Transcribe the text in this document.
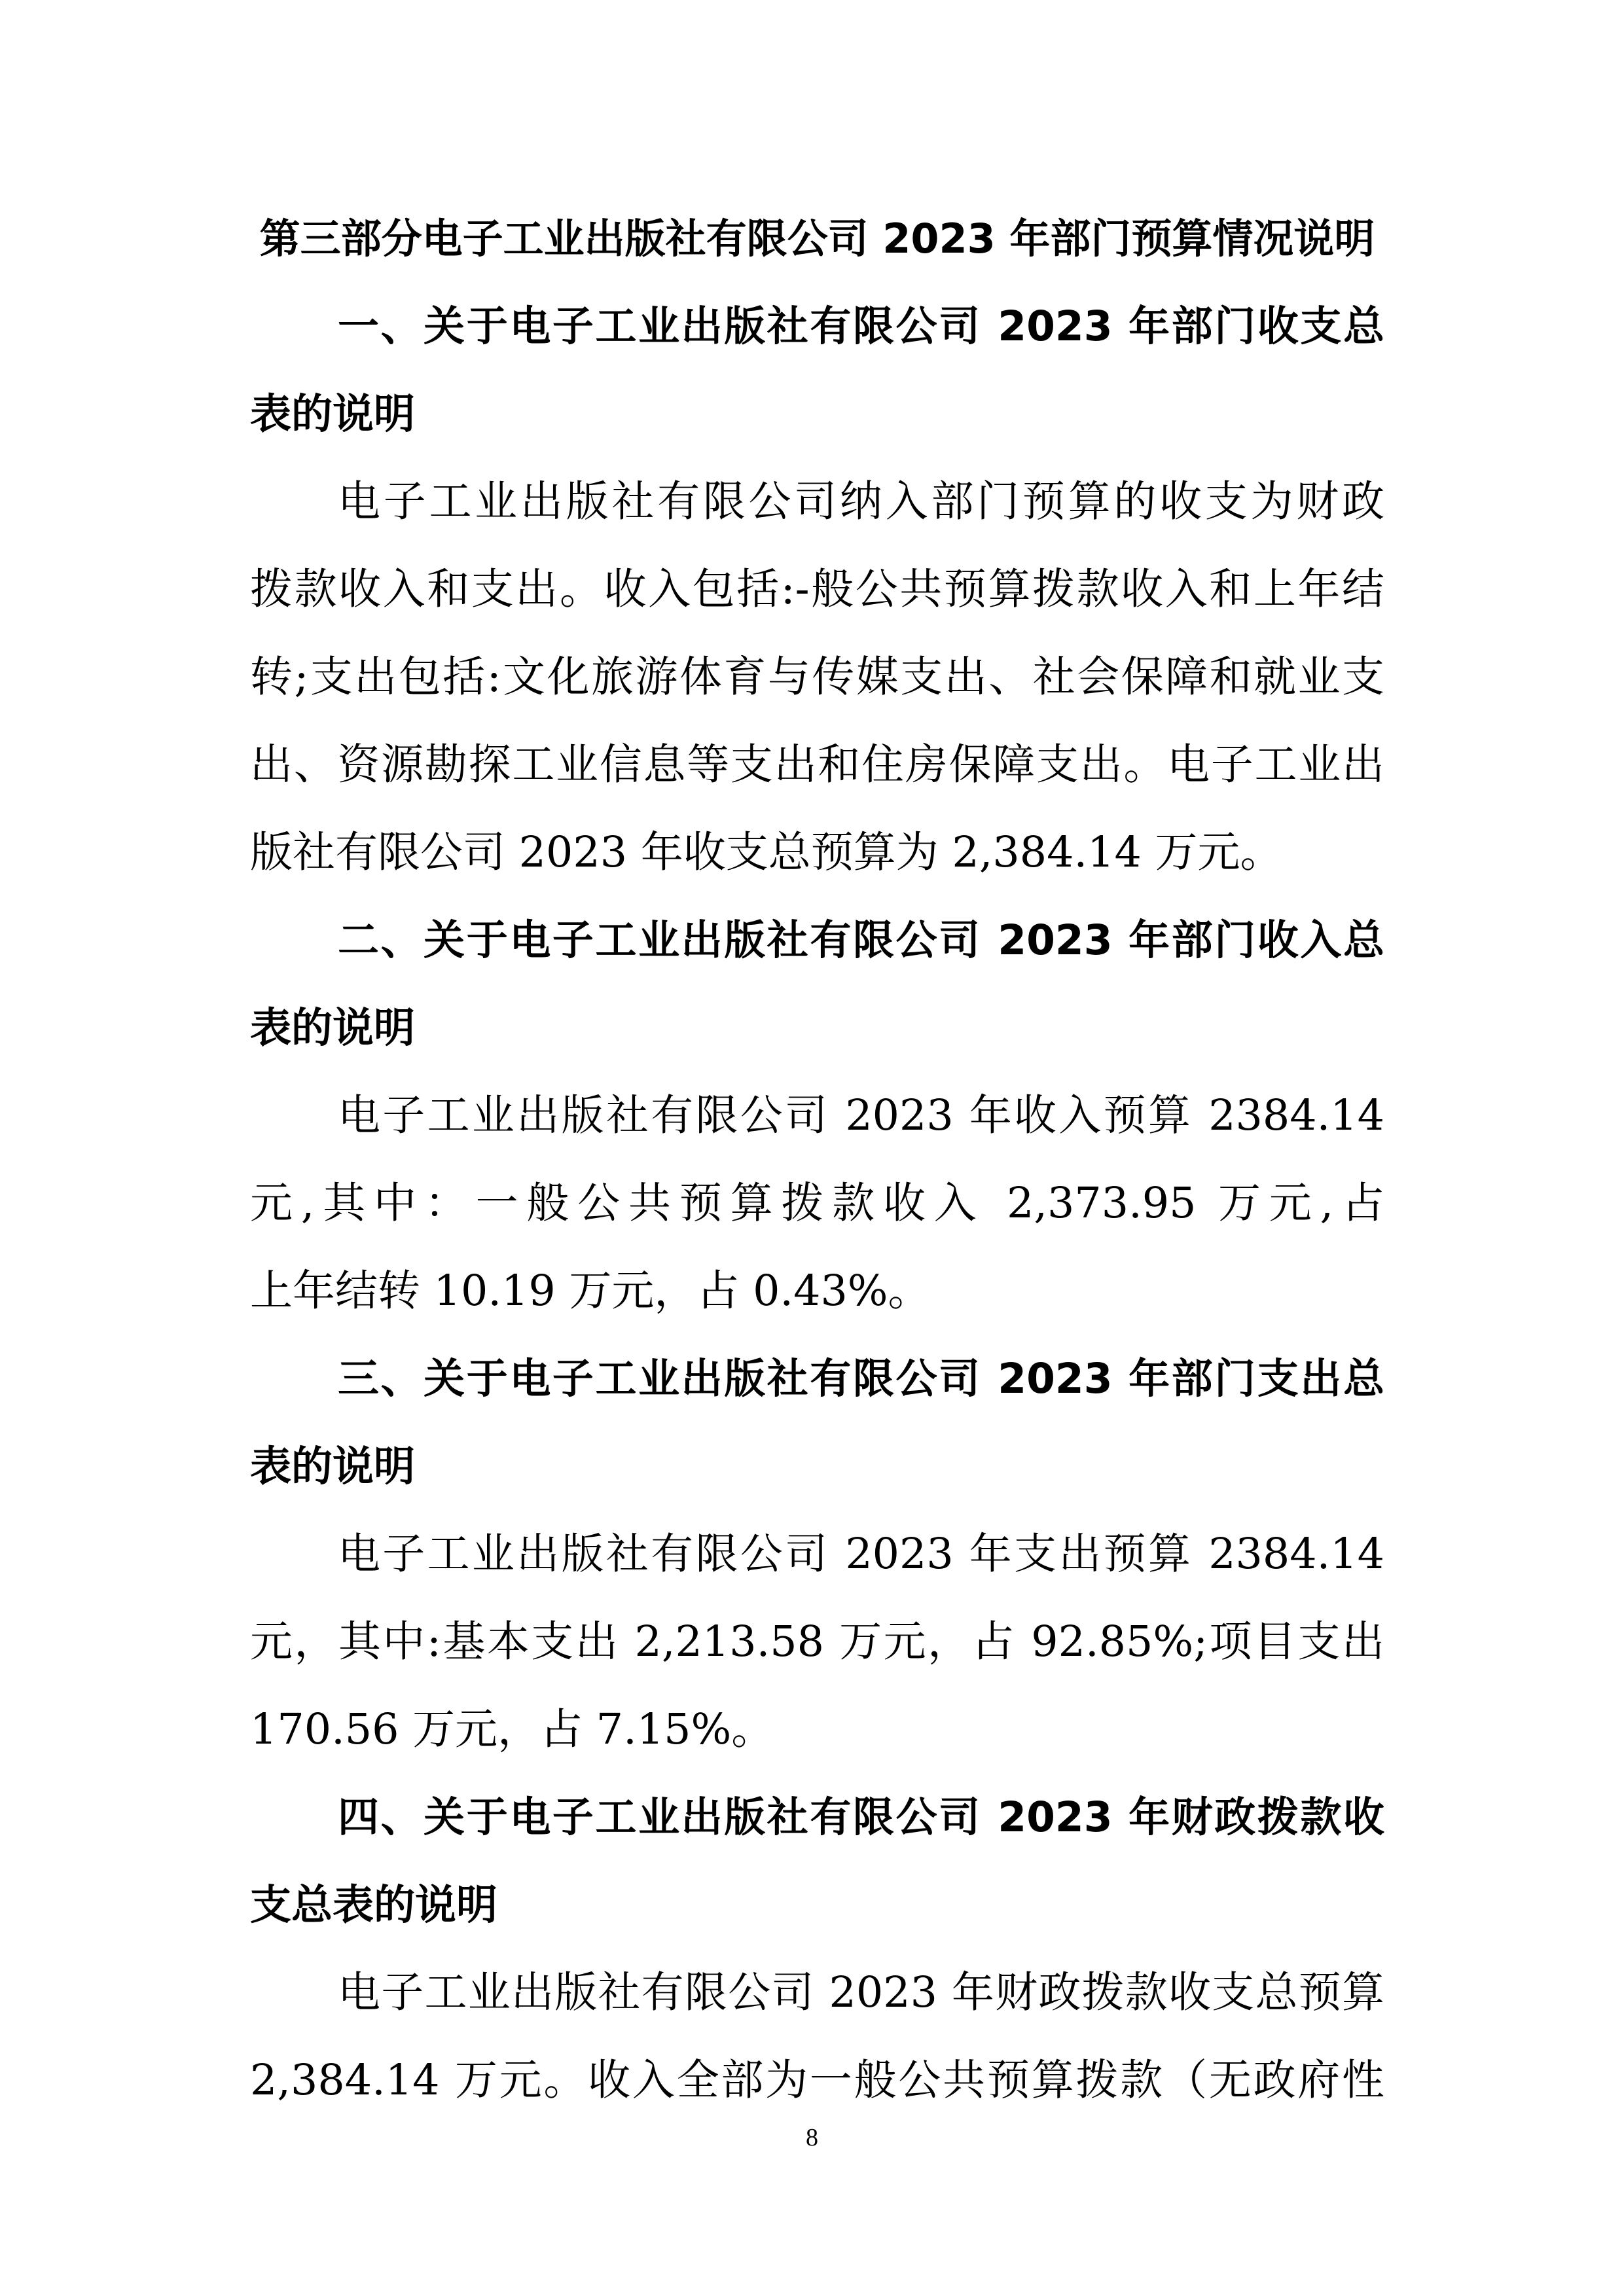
第三部分电子工业出版社有限公司 2023 年部门预算情况说明
一、关于电子工业出版社有限公司 2023 年部门收支总
表的说明
电子工业出版社有限公司纳入部门预算的收支为财政
拨款收入和支出。收入包括:-般公共预算拨款收入和上年结
转;支出包括:文化旅游体育与传媒支出、社会保障和就业支
出、资源勘探工业信息等支出和住房保障支出。电子工业出
版社有限公司 2023 年收支总预算为 2,384.14 万元。
二、关于电子工业出版社有限公司 2023 年部门收入总
表的说明
电子工业出版社有限公司 2023 年收入预算 2384.14
元,其中：一般公共预算拨款收入 2,373.95 万元,占
上年结转 10.19 万元，占 0.43%。
三、关于电子工业出版社有限公司 2023 年部门支出总
表的说明
电子工业出版社有限公司 2023 年支出预算 2384.14
元，其中:基本支出 2,213.58 万元，占 92.85%;项目支出
170.56 万元，占 7.15%。
四、关于电子工业出版社有限公司 2023 年财政拨款收
支总表的说明
电子工业出版社有限公司 2023 年财政拨款收支总预算
2,384.14 万元。收入全部为一般公共预算拨款（无政府性
8
